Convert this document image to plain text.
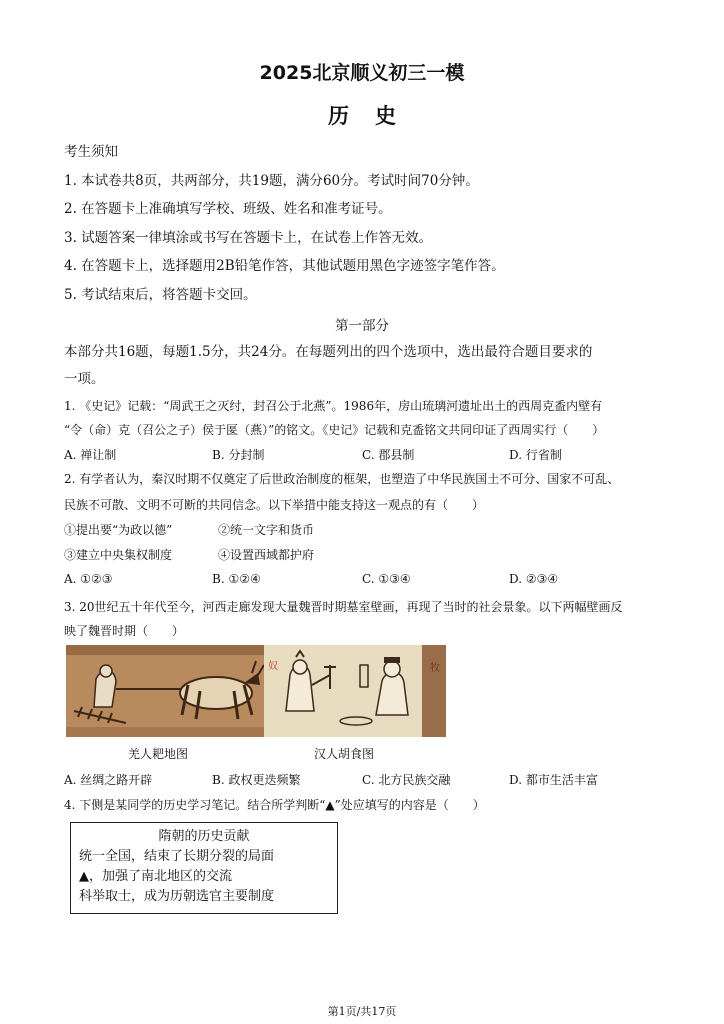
2025北京顺义初三一模
历史
考生须知
1. 本试卷共8页，共两部分，共19题，满分60分。考试时间70分钟。
2. 在答题卡上准确填写学校、班级、姓名和准考证号。
3. 试题答案一律填涂或书写在答题卡上，在试卷上作答无效。
4. 在答题卡上，选择题用2B铅笔作答，其他试题用黑色字迹签字笔作答。
5. 考试结束后，将答题卡交回。
第一部分
本部分共16题，每题1.5分，共24分。在每题列出的四个选项中，选出最符合题目要求的
一项。
1. 《史记》记载：“周武王之灭纣，封召公于北燕”。1986年，房山琉璃河遗址出土的西周克盉内壁有
“令（命）克（召公之子）侯于匽（燕）”的铭文。《史记》记载和克盉铭文共同印证了西周实行（　　）
A. 禅让制	B. 分封制	C. 郡县制	D. 行省制
2. 有学者认为，秦汉时期不仅奠定了后世政治制度的框架，也塑造了中华民族国土不可分、国家不可乱、
民族不可散、文明不可断的共同信念。以下举措中能支持这一观点的有（　　）
①提出要“为政以德”	②统一文字和货币
③建立中央集权制度	④设置西域都护府
A. ①②③	B. ①②④	C. ①③④	D. ②③④
3. 20世纪五十年代至今，河西走廊发现大量魏晋时期墓室壁画，再现了当时的社会景象。以下两幅壁画反
映了魏晋时期（　　）
奴	牧
羌人耙地图	汉人胡食图
A. 丝绸之路开辟	B. 政权更迭频繁	C. 北方民族交融	D. 都市生活丰富
4. 下侧是某同学的历史学习笔记。结合所学判断“▲”处应填写的内容是（　　）
隋朝的历史贡献
统一全国，结束了长期分裂的局面
▲，加强了南北地区的交流
科举取士，成为历朝选官主要制度
第1页/共17页
